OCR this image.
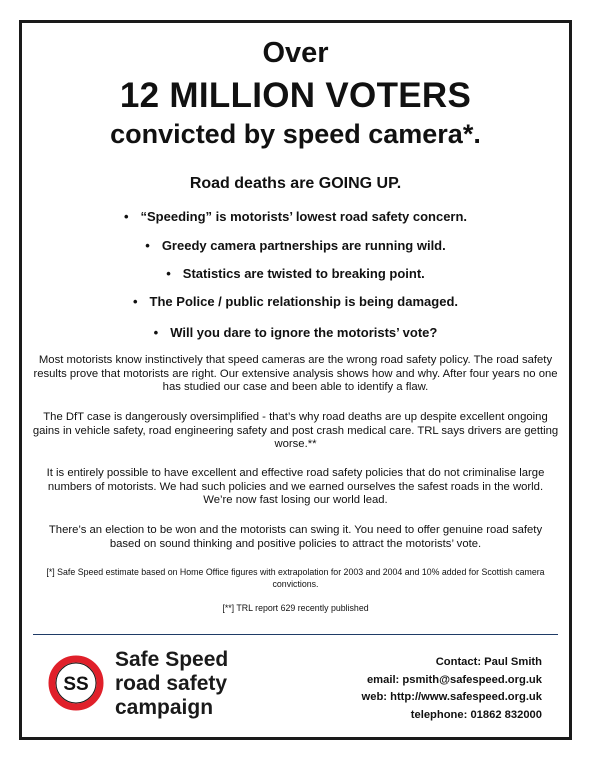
Over
12 MILLION VOTERS
convicted by speed camera*.
Road deaths are GOING UP.
• “Speeding” is motorists’ lowest road safety concern.
• Greedy camera partnerships are running wild.
• Statistics are twisted to breaking point.
• The Police / public relationship is being damaged.
• Will you dare to ignore the motorists’ vote?
Most motorists know instinctively that speed cameras are the wrong road safety policy. The road safety results prove that motorists are right. Our extensive analysis shows how and why. After four years no one has studied our case and been able to identify a flaw.
The DfT case is dangerously oversimplified - that’s why road deaths are up despite excellent ongoing gains in vehicle safety, road engineering safety and post crash medical care. TRL says drivers are getting worse.**
It is entirely possible to have excellent and effective road safety policies that do not criminalise large numbers of motorists. We had such policies and we earned ourselves the safest roads in the world. We’re now fast losing our world lead.
There’s an election to be won and the motorists can swing it. You need to offer genuine road safety based on sound thinking and positive policies to attract the motorists’ vote.
[*] Safe Speed estimate based on Home Office figures with extrapolation for 2003 and 2004 and 10% added for Scottish camera convictions.
[**] TRL report 629 recently published
SS
Safe Speed
road safety
campaign
Contact: Paul Smith
email: psmith@safespeed.org.uk
web: http://www.safespeed.org.uk
telephone: 01862 832000
